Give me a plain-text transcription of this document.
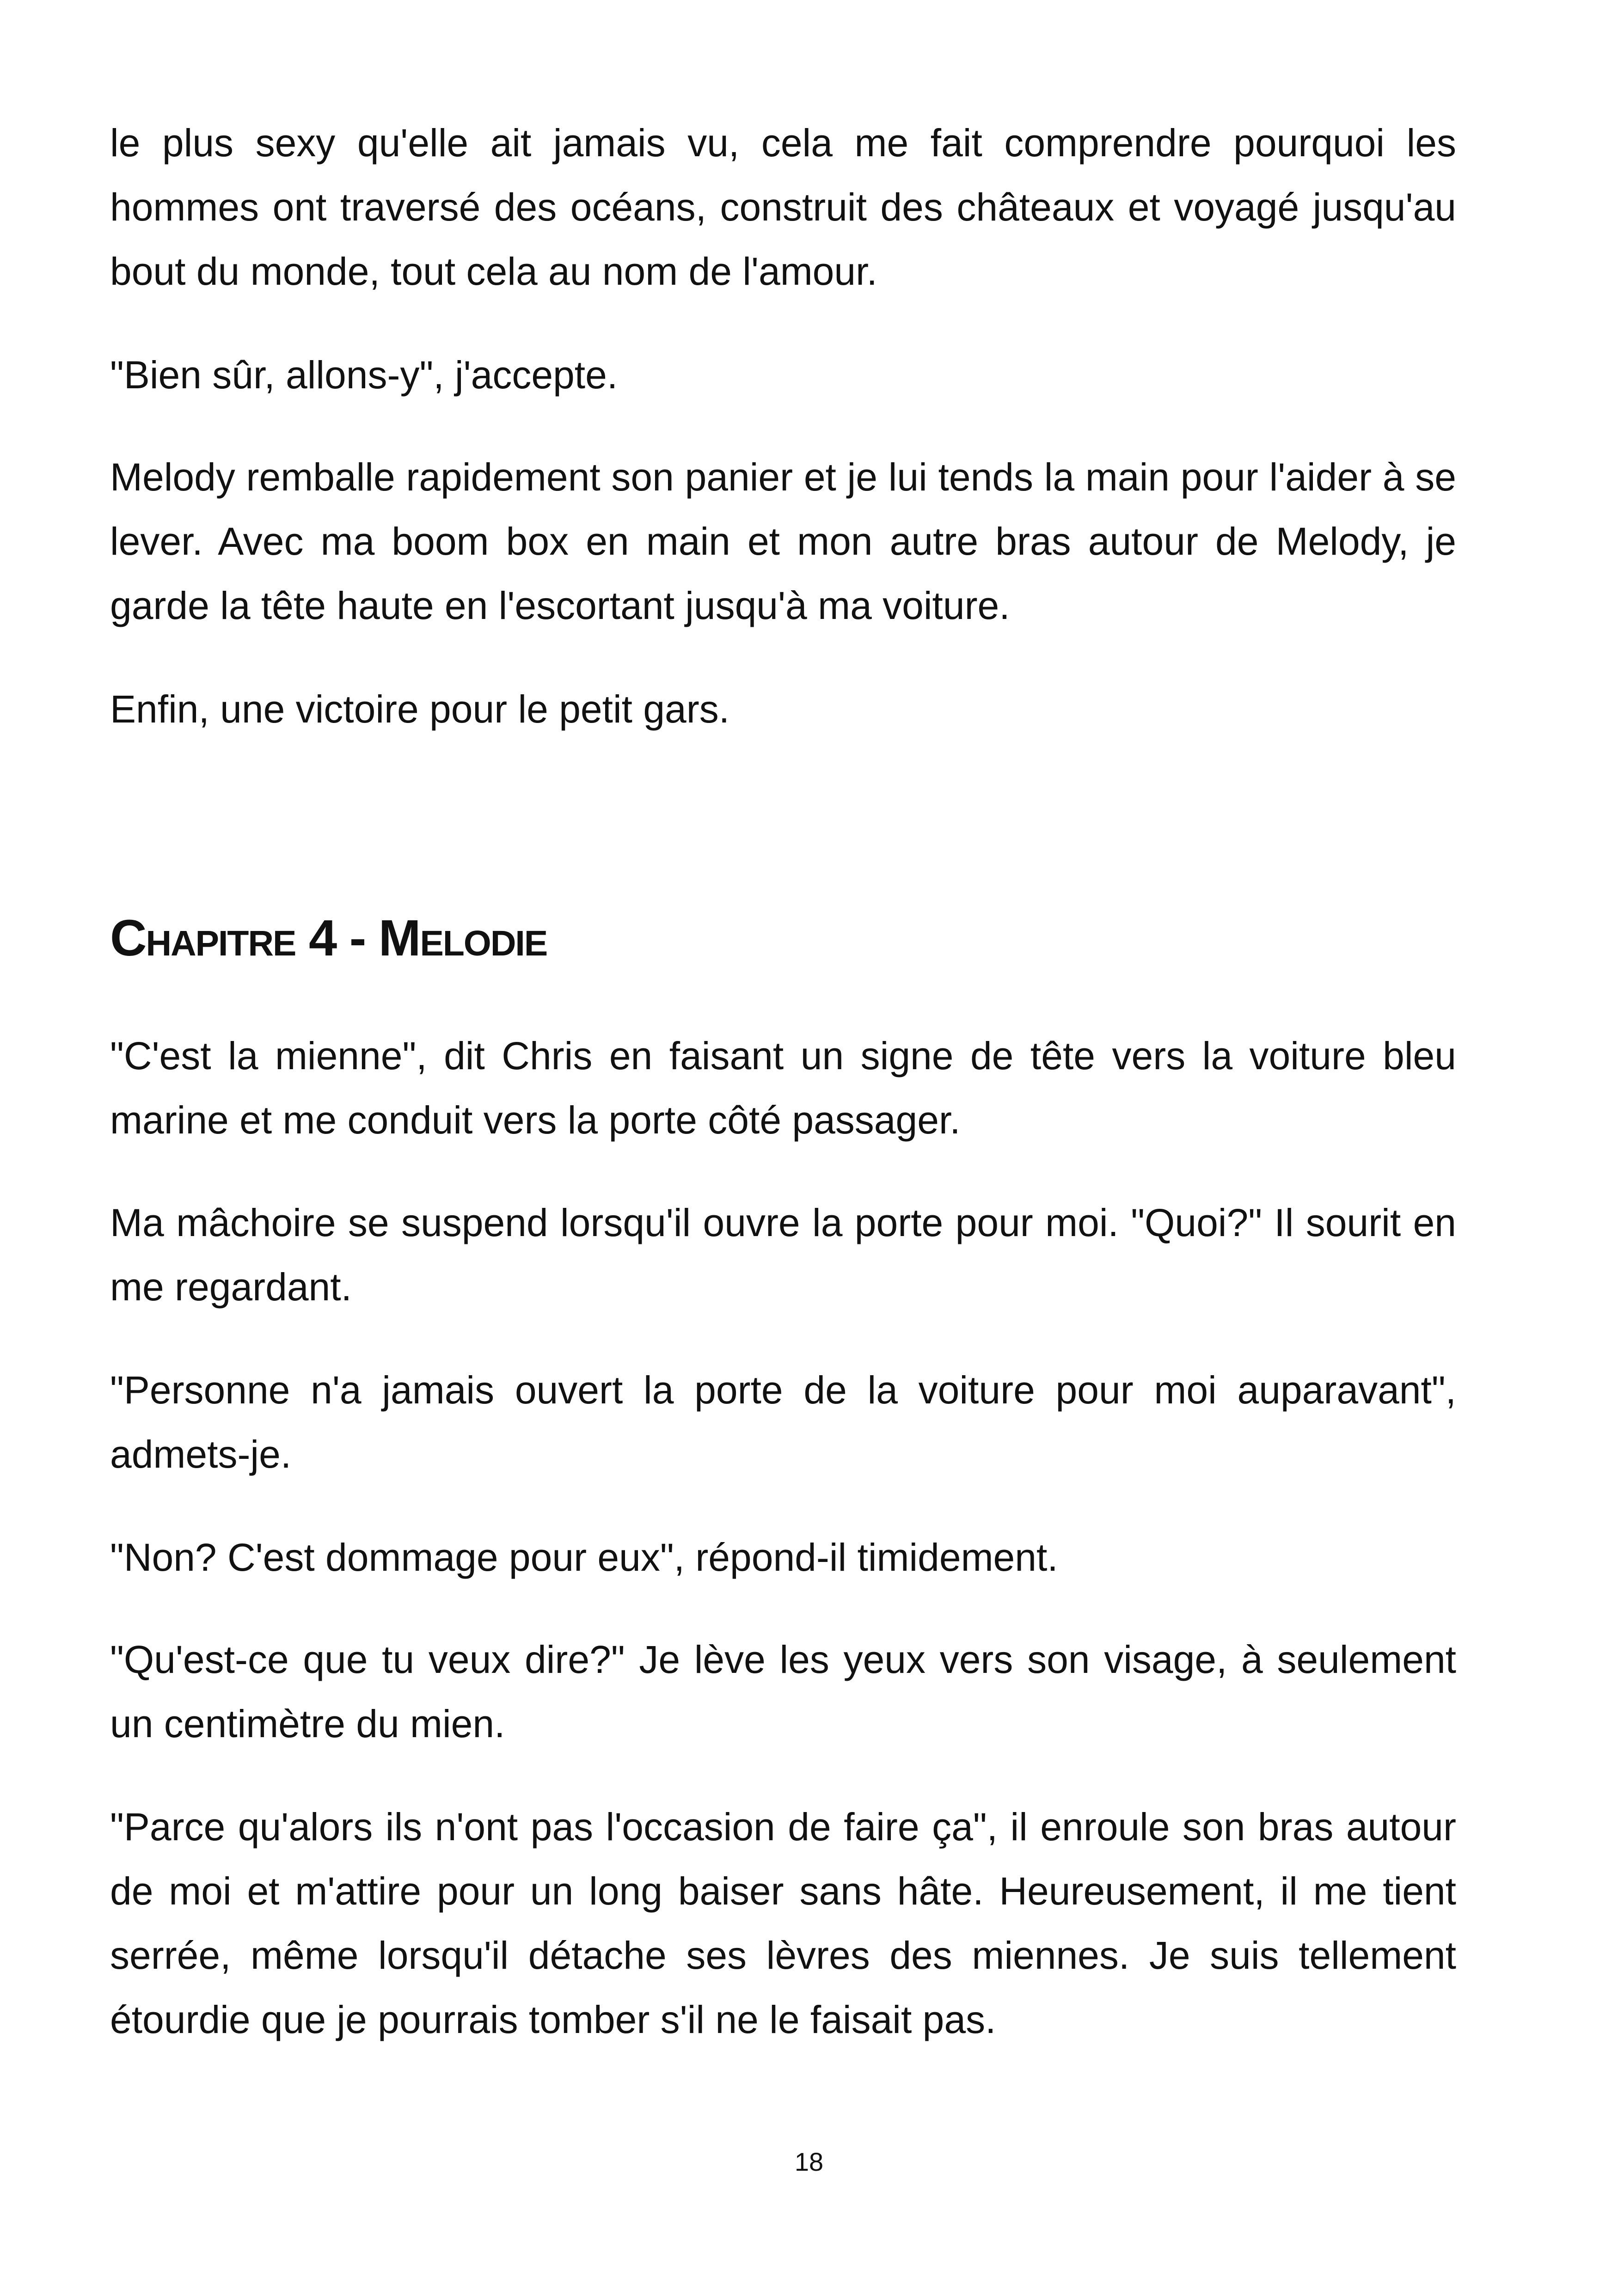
le plus sexy qu'elle ait jamais vu, cela me fait comprendre pourquoi les hommes ont traversé des océans, construit des châteaux et voyagé jusqu'au bout du monde, tout cela au nom de l'amour.

"Bien sûr, allons-y", j'accepte.

Melody remballe rapidement son panier et je lui tends la main pour l'aider à se lever. Avec ma boom box en main et mon autre bras autour de Melody, je garde la tête haute en l'escortant jusqu'à ma voiture.

Enfin, une victoire pour le petit gars.

Chapitre 4 - Melodie

"C'est la mienne", dit Chris en faisant un signe de tête vers la voiture bleu marine et me conduit vers la porte côté passager.

Ma mâchoire se suspend lorsqu'il ouvre la porte pour moi. "Quoi?" Il sourit en me regardant.

"Personne n'a jamais ouvert la porte de la voiture pour moi auparavant", admets-je.

"Non? C'est dommage pour eux", répond-il timidement.

"Qu'est-ce que tu veux dire?" Je lève les yeux vers son visage, à seulement un centimètre du mien.

"Parce qu'alors ils n'ont pas l'occasion de faire ça", il enroule son bras autour de moi et m'attire pour un long baiser sans hâte. Heureusement, il me tient serrée, même lorsqu'il détache ses lèvres des miennes. Je suis tellement étourdie que je pourrais tomber s'il ne le faisait pas.

18
